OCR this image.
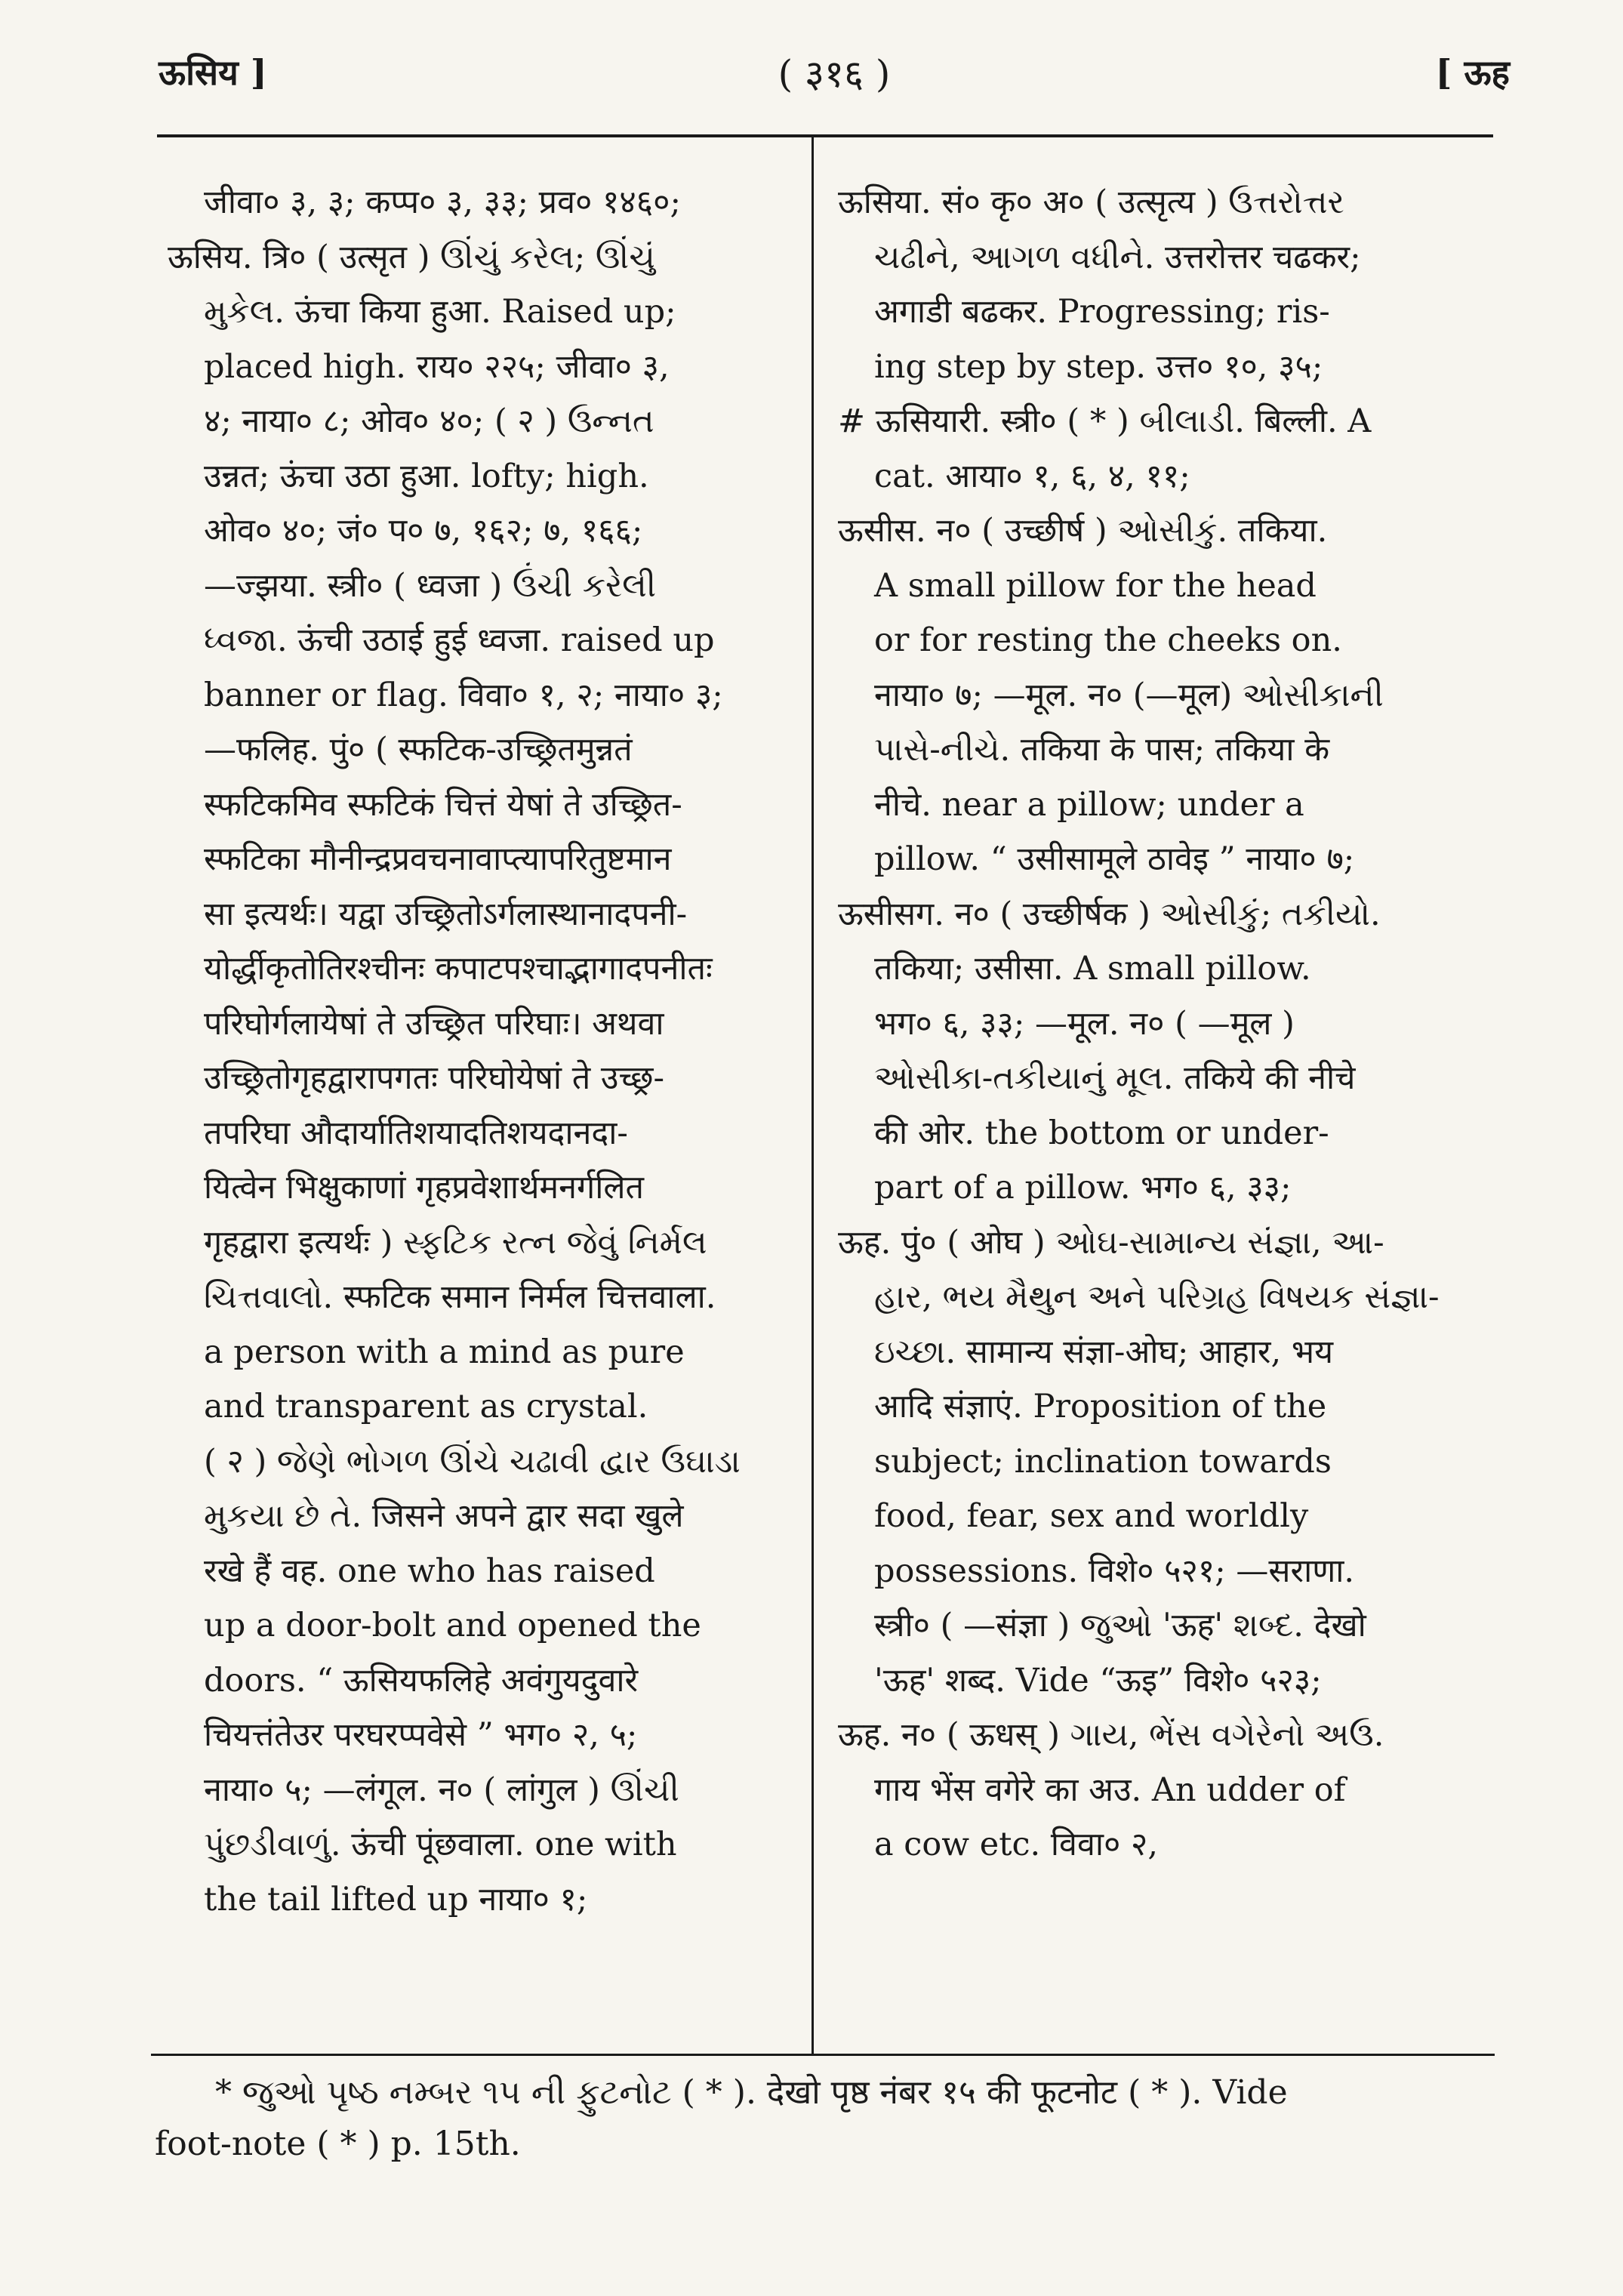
ऊसिय ]	( ३१६ )	[ ऊह
जीवा० ३, ३; कप्प० ३, ३३; प्रव० १४६०;
ऊसिय. त्रि० ( उत्सृत ) ઊંચું કરેલ; ઊંચું
મુકેલ. ऊंचा किया हुआ. Raised up;
placed high. राय० २२५; जीवा० ३,
४; नाया० ८; ओव० ४०; ( २ ) ઉન્નત
उन्नत; ऊंचा उठा हुआ. lofty; high.
ओव० ४०; जं० प० ७, १६२; ७, १६६;
—ज्झया. स्त्री० ( ध्वजा ) ઉંચી કરેલી
ધ્વજા. ऊंची उठाई हुई ध्वजा. raised up
banner or flag. विवा० १, २; नाया० ३;
—फलिह. पुं० ( स्फटिक-उच्छ्रितमुन्नतं
स्फटिकमिव स्फटिकं चित्तं येषां ते उच्छ्रित-
स्फटिका मौनीन्द्रप्रवचनावाप्त्यापरितुष्टमान
सा इत्यर्थः। यद्वा उच्छ्रितोऽर्गलास्थानादपनी-
योर्द्धीकृतोतिरश्चीनः कपाटपश्चाद्भागादपनीतः
परिघोर्गलायेषां ते उच्छ्रित परिघाः। अथवा
उच्छ्रितोगृहद्वारापगतः परिघोयेषां ते उच्छ्र-
तपरिघा औदार्यातिशयादतिशयदानदा-
यित्वेन भिक्षुकाणां गृहप्रवेशार्थमनर्गलित
गृहद्वारा इत्यर्थः ) સ્ફટિક રત્ન જેવું નિર્મલ
ચિત્તવાલો. स्फटिक समान निर्मल चित्तवाला.
a person with a mind as pure
and transparent as crystal.
( २ ) જેણે ભોગળ ઊંચે ચઢાવી દ્વાર ઉઘાડા
મુકયા છે તે. जिसने अपने द्वार सदा खुले
रखे हैं वह. one who has raised
up a door-bolt and opened the
doors. “ ऊसियफलिहे अवंगुयदुवारे
चियत्तंतेउर परघरप्पवेसे ” भग० २, ५;
नाया० ५; —लंगूल. न० ( लांगुल ) ઊંચી
પુંછડીવાળું. ऊंची पूंछवाला. one with
the tail lifted up नाया० १;
ऊसिया. सं० कृ० अ० ( उत्सृत्य ) ઉત્તરોત્તર
ચઢીને, આગળ વધીને. उत्तरोत्तर चढकर;
अगाडी बढकर. Progressing; ris-
ing step by step. उत्त० १०, ३५;
# ऊसियारी. स्त्री० ( * ) બીલાડી. बिल्ली. A
cat. आया० १, ६, ४, ११;
ऊसीस. न० ( उच्छीर्ष ) ઓસીકું. तकिया.
A small pillow for the head
or for resting the cheeks on.
नाया० ७; —मूल. न० (—मूल) ઓસીકાની
પાસે-નીચે. तकिया के पास; तकिया के
नीचे. near a pillow; under a
pillow. “ उसीसामूले ठावेइ ” नाया० ७;
ऊसीसग. न० ( उच्छीर्षक ) ઓસીકું; તકીયો.
तकिया; उसीसा. A small pillow.
भग० ६, ३३; —मूल. न० ( —मूल )
ઓસીકા-તકીયાનું મૂલ. तकिये की नीचे
की ओर. the bottom or under-
part of a pillow. भग० ६, ३३;
ऊह. पुं० ( ओघ ) ઓઘ-સામાન્ય સંજ્ઞા, આ-
હાર, ભય મૈથુન અને પરિગ્રહ વિષયક સંજ્ઞા-
ઇચ્છા. सामान्य संज्ञा-ओघ; आहार, भय
आदि संज्ञाएं. Proposition of the
subject; inclination towards
food, fear, sex and worldly
possessions. विशे० ५२१; —सराणा.
स्त्री० ( —संज्ञा ) જુઓ 'ऊह' શબ્દ. देखो
'ऊह' शब्द. Vide “ऊइ” विशे० ५२३;
ऊह. न० ( ऊधस् ) ગાય, ભેંસ વગેરેનો અઉ.
गाय भेंस वगेरे का अउ. An udder of
a cow etc. विवा० २,
* જુઓ પૃષ્ઠ નમ્બર ૧૫ ની ફુટનોટ ( * ). देखो पृष्ठ नंबर १५ की फूटनोट ( * ). Vide
foot-note ( * ) p. 15th.
